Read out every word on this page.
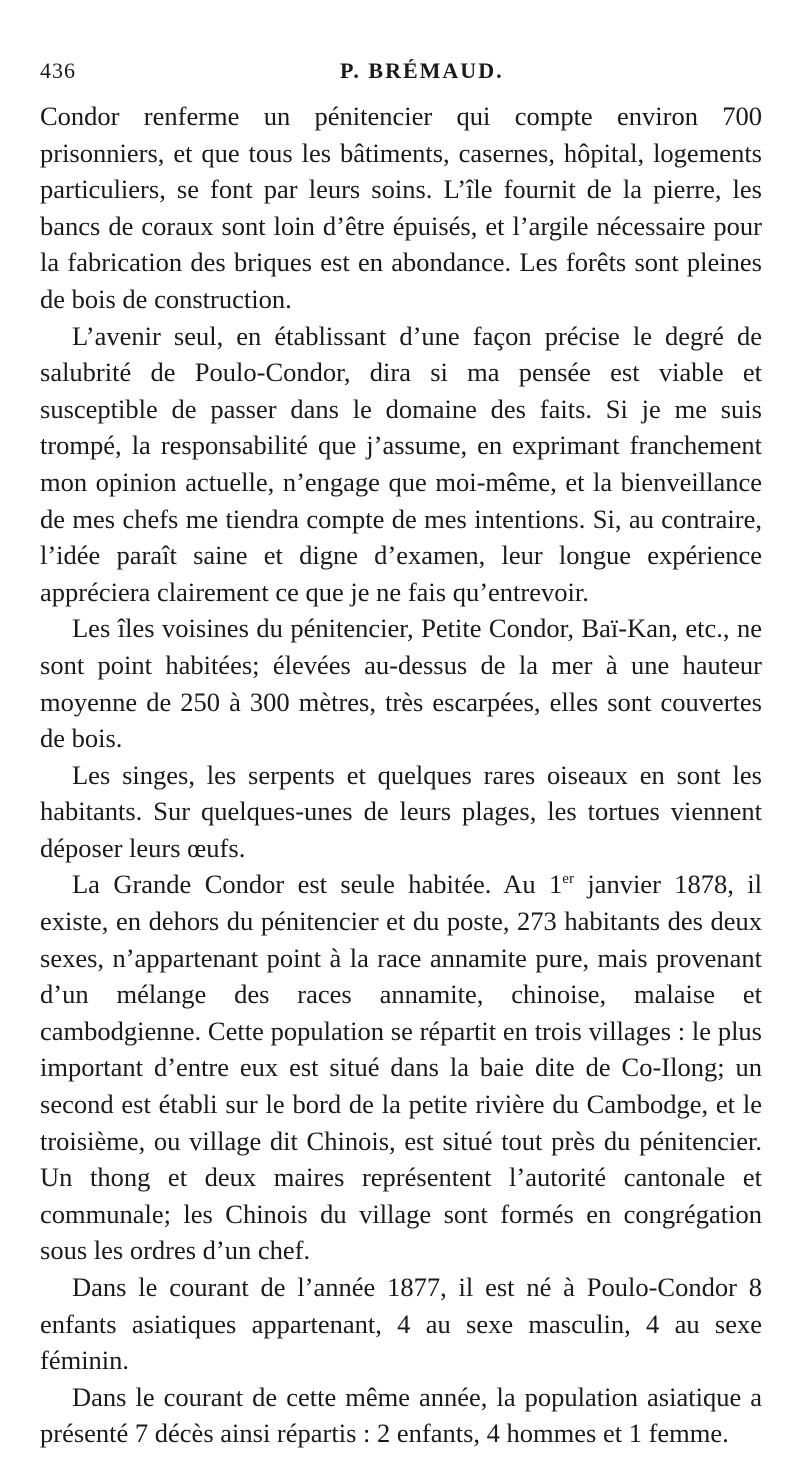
436	P. BRÉMAUD.

Condor renferme un pénitencier qui compte environ 700 prisonniers, et que tous les bâtiments, casernes, hôpital, logements particuliers, se font par leurs soins. L’île fournit de la pierre, les bancs de coraux sont loin d’être épuisés, et l’argile nécessaire pour la fabrication des briques est en abondance. Les forêts sont pleines de bois de construction.

L’avenir seul, en établissant d’une façon précise le degré de salubrité de Poulo-Condor, dira si ma pensée est viable et susceptible de passer dans le domaine des faits. Si je me suis trompé, la responsabilité que j’assume, en exprimant franchement mon opinion actuelle, n’engage que moi-même, et la bienveillance de mes chefs me tiendra compte de mes intentions. Si, au contraire, l’idée paraît saine et digne d’examen, leur longue expérience appréciera clairement ce que je ne fais qu’entrevoir.

Les îles voisines du pénitencier, Petite Condor, Baï-Kan, etc., ne sont point habitées; élevées au-dessus de la mer à une hauteur moyenne de 250 à 300 mètres, très escarpées, elles sont couvertes de bois.

Les singes, les serpents et quelques rares oiseaux en sont les habitants. Sur quelques-unes de leurs plages, les tortues viennent déposer leurs œufs.

La Grande Condor est seule habitée. Au 1er janvier 1878, il existe, en dehors du pénitencier et du poste, 273 habitants des deux sexes, n’appartenant point à la race annamite pure, mais provenant d’un mélange des races annamite, chinoise, malaise et cambodgienne. Cette population se répartit en trois villages : le plus important d’entre eux est situé dans la baie dite de Co-Ilong; un second est établi sur le bord de la petite rivière du Cambodge, et le troisième, ou village dit Chinois, est situé tout près du pénitencier. Un thong et deux maires représentent l’autorité cantonale et communale; les Chinois du village sont formés en congrégation sous les ordres d’un chef.

Dans le courant de l’année 1877, il est né à Poulo-Condor 8 enfants asiatiques appartenant, 4 au sexe masculin, 4 au sexe féminin.

Dans le courant de cette même année, la population asiatique a présenté 7 décès ainsi répartis : 2 enfants, 4 hommes et 1 femme.
